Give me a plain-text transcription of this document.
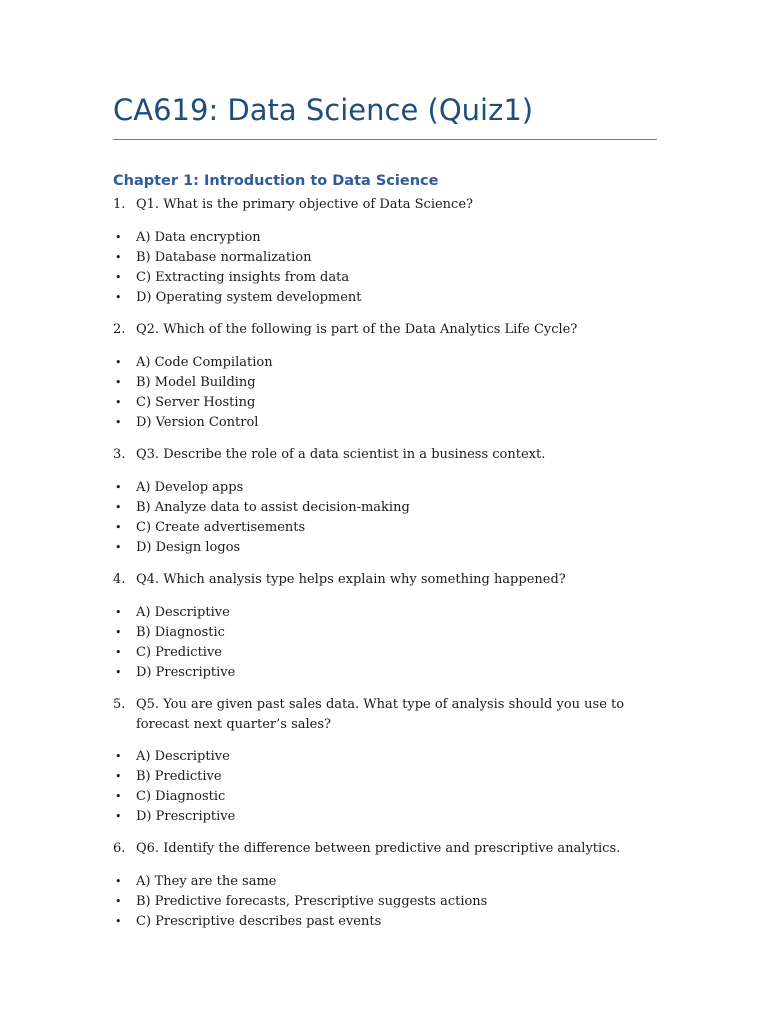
CA619: Data Science (Quiz1)
Chapter 1: Introduction to Data Science
1. Q1. What is the primary objective of Data Science?
• A) Data encryption
• B) Database normalization
• C) Extracting insights from data
• D) Operating system development
2. Q2. Which of the following is part of the Data Analytics Life Cycle?
• A) Code Compilation
• B) Model Building
• C) Server Hosting
• D) Version Control
3. Q3. Describe the role of a data scientist in a business context.
• A) Develop apps
• B) Analyze data to assist decision-making
• C) Create advertisements
• D) Design logos
4. Q4. Which analysis type helps explain why something happened?
• A) Descriptive
• B) Diagnostic
• C) Predictive
• D) Prescriptive
5. Q5. You are given past sales data. What type of analysis should you use to forecast next quarter’s sales?
• A) Descriptive
• B) Predictive
• C) Diagnostic
• D) Prescriptive
6. Q6. Identify the difference between predictive and prescriptive analytics.
• A) They are the same
• B) Predictive forecasts, Prescriptive suggests actions
• C) Prescriptive describes past events
